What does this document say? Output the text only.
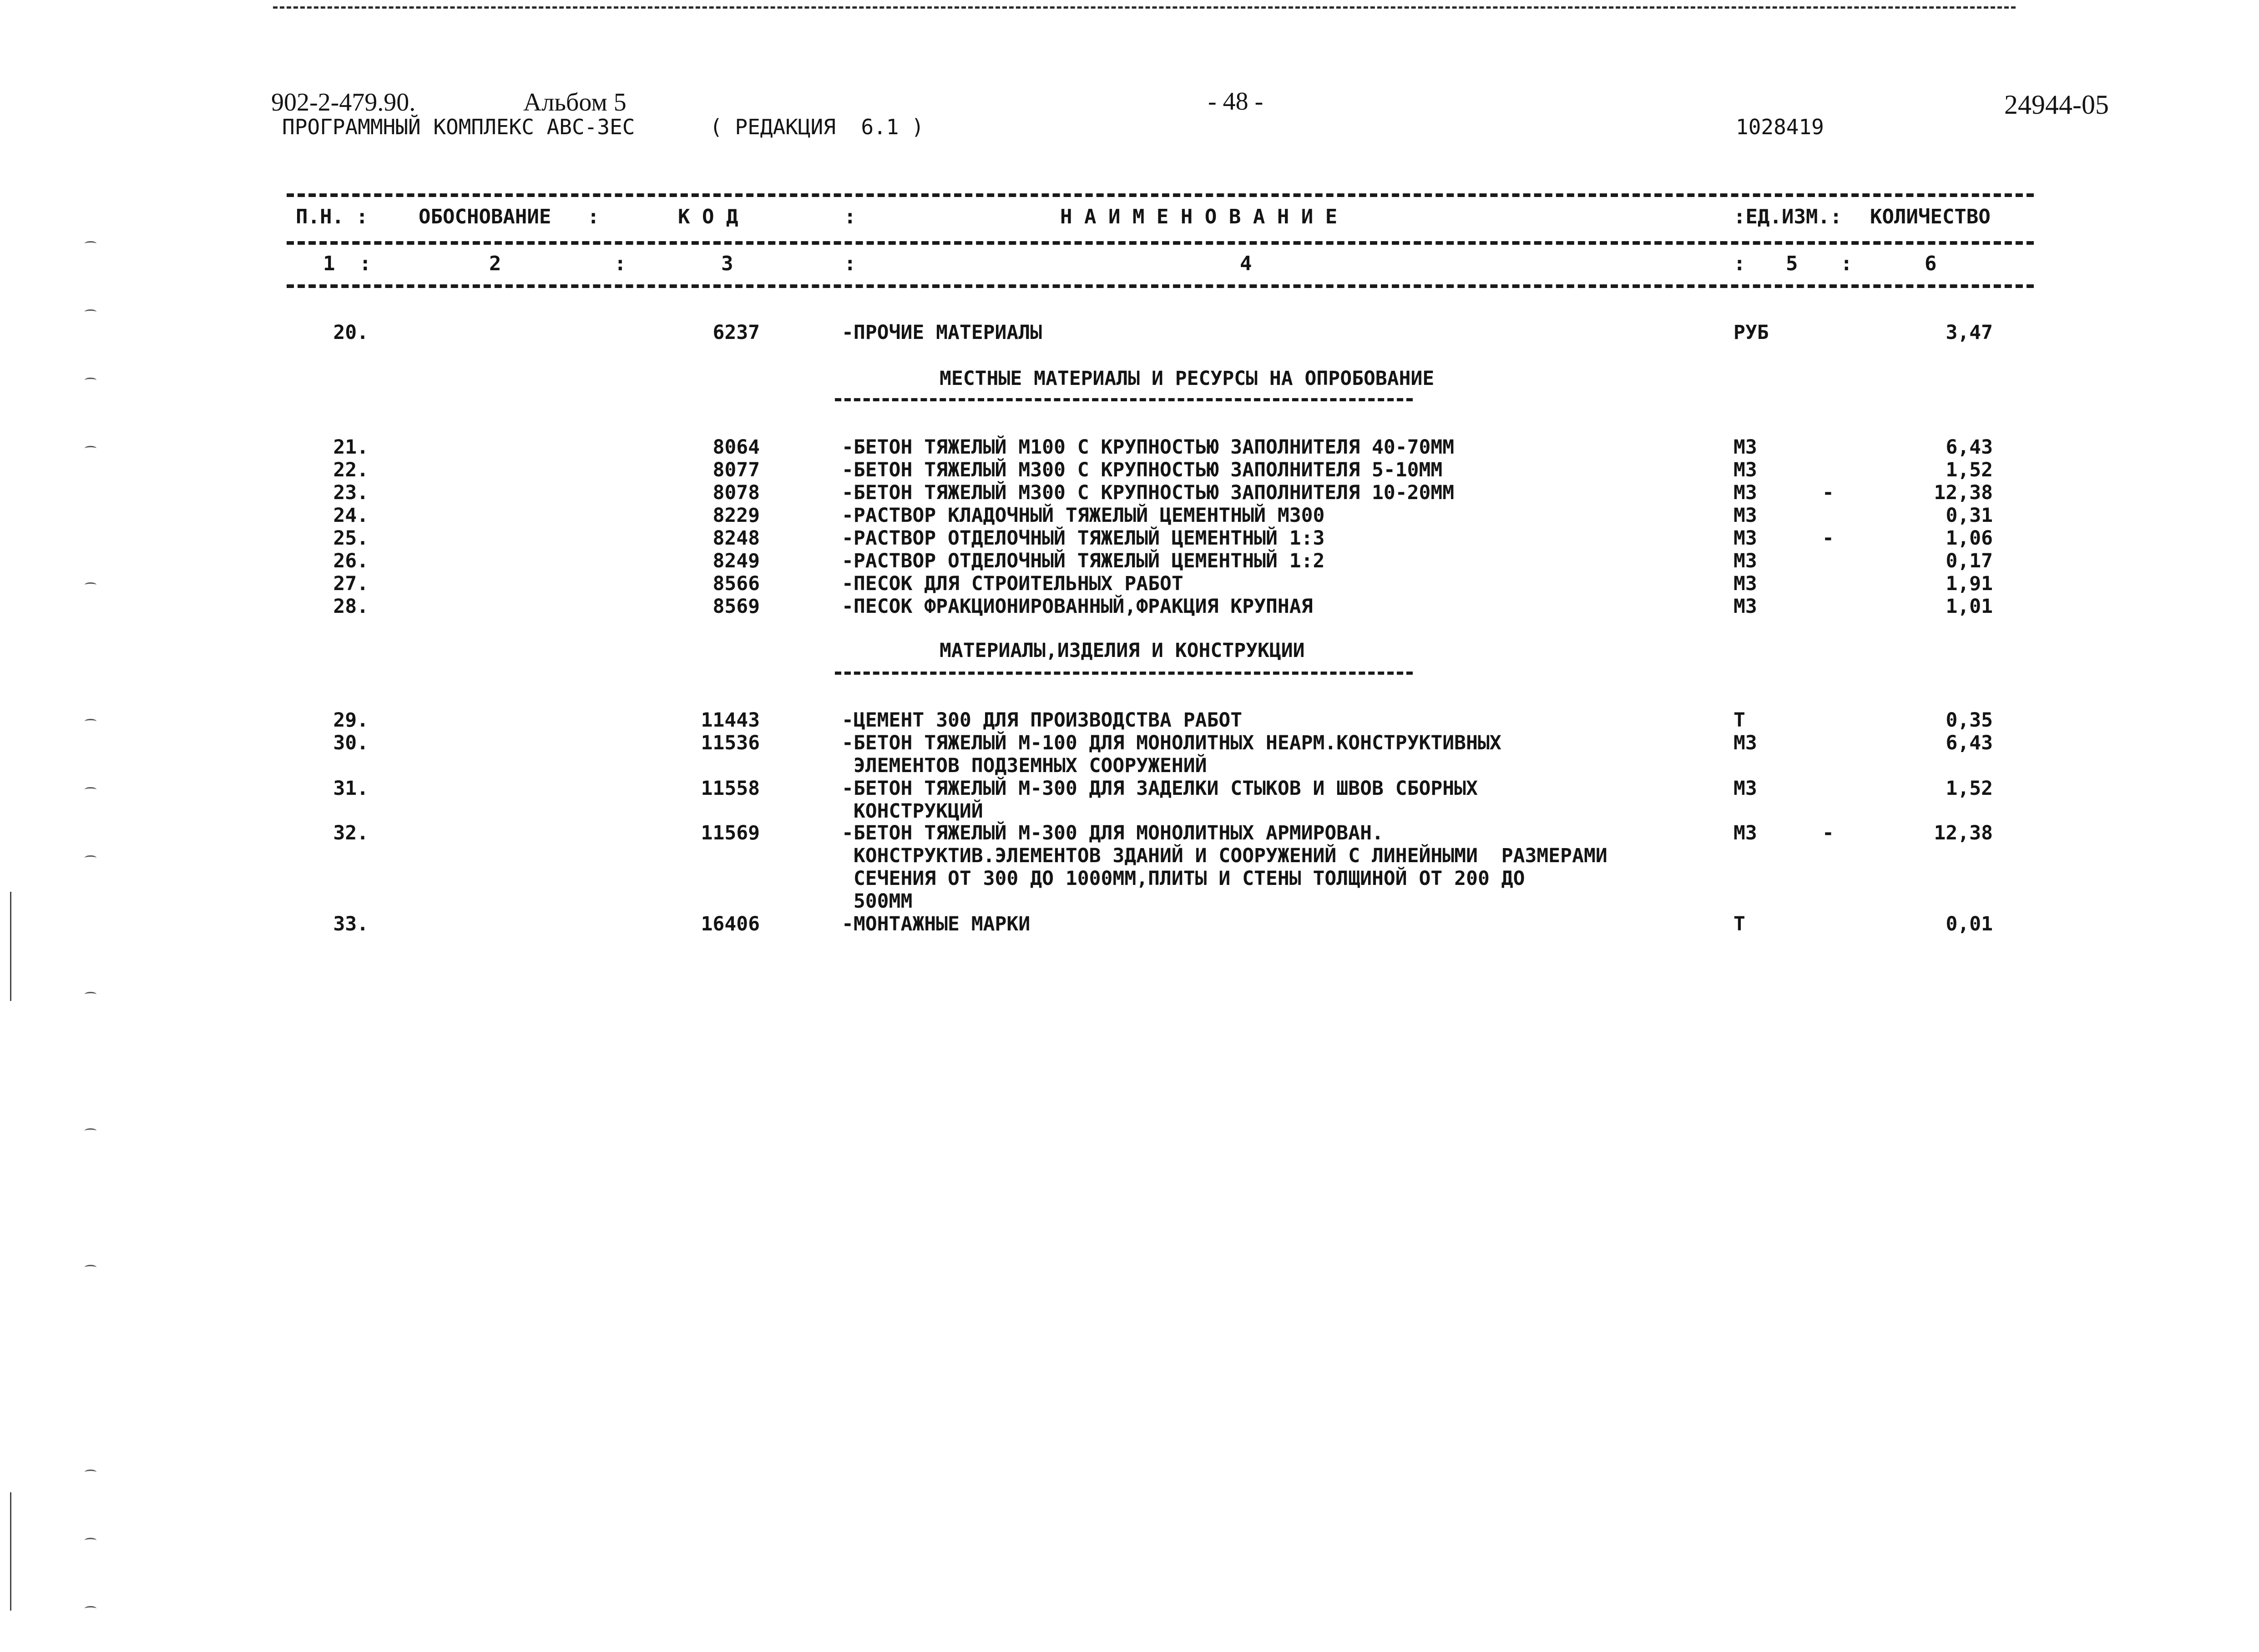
902-2-479.90.	Альбом 5
ПРОГРАММНЫЙ КОМПЛЕКС АВС-3ЕС	( РЕДАКЦИЯ  6.1 )
- 48 -
1028419
24944-05
П.Н. :	ОБОСНОВАНИЕ   :	К О Д	:	Н А И М Е Н О В А Н И Е	:ЕД.ИЗМ.: КОЛИЧЕСТВО
1  :	2	:	3	:	4	: 5 :	6
МЕСТНЫЕ МАТЕРИАЛЫ И РЕСУРСЫ НА ОПРОБОВАНИЕ
МАТЕРИАЛЫ,ИЗДЕЛИЯ И КОНСТРУКЦИИ
20.	6237	-ПРОЧИЕ МАТЕРИАЛЫ	РУБ	3,47
21.	8064	-БЕТОН ТЯЖЕЛЫЙ М100 С КРУПНОСТЬЮ ЗАПОЛНИТЕЛЯ 40-70ММ	М3	6,43
22.	8077	-БЕТОН ТЯЖЕЛЫЙ М300 С КРУПНОСТЬЮ ЗАПОЛНИТЕЛЯ 5-10ММ	М3	1,52
23.	8078	-БЕТОН ТЯЖЕЛЫЙ М300 С КРУПНОСТЬЮ ЗАПОЛНИТЕЛЯ 10-20ММ	М3	-	12,38
24.	8229	-РАСТВОР КЛАДОЧНЫЙ ТЯЖЕЛЫЙ ЦЕМЕНТНЫЙ М300	М3	0,31
25.	8248	-РАСТВОР ОТДЕЛОЧНЫЙ ТЯЖЕЛЫЙ ЦЕМЕНТНЫЙ 1:3	М3	-	1,06
26.	8249	-РАСТВОР ОТДЕЛОЧНЫЙ ТЯЖЕЛЫЙ ЦЕМЕНТНЫЙ 1:2	М3	0,17
27.	8566	-ПЕСОК ДЛЯ СТРОИТЕЛЬНЫХ РАБОТ	М3	1,91
28.	8569	-ПЕСОК ФРАКЦИОНИРОВАННЫЙ,ФРАКЦИЯ КРУПНАЯ	М3	1,01
29.	11443	-ЦЕМЕНТ 300 ДЛЯ ПРОИЗВОДСТВА РАБОТ	Т	0,35
30.	11536	-БЕТОН ТЯЖЕЛЫЙ М-100 ДЛЯ МОНОЛИТНЫХ НЕАРМ.КОНСТРУКТИВНЫХ
ЭЛЕМЕНТОВ ПОДЗЕМНЫХ СООРУЖЕНИЙ
М3	6,43
31.	11558	-БЕТОН ТЯЖЕЛЫЙ М-300 ДЛЯ ЗАДЕЛКИ СТЫКОВ И ШВОВ СБОРНЫХ
КОНСТРУКЦИЙ
М3	1,52
32.	11569	-БЕТОН ТЯЖЕЛЫЙ М-300 ДЛЯ МОНОЛИТНЫХ АРМИРОВАН.
КОНСТРУКТИВ.ЭЛЕМЕНТОВ ЗДАНИЙ И СООРУЖЕНИЙ С ЛИНЕЙНЫМИ  РАЗМЕРАМИ
СЕЧЕНИЯ ОТ 300 ДО 1000ММ,ПЛИТЫ И СТЕНЫ ТОЛЩИНОЙ ОТ 200 ДО
500ММ
М3	-	12,38
33.	16406	-МОНТАЖНЫЕ МАРКИ	Т	0,01
